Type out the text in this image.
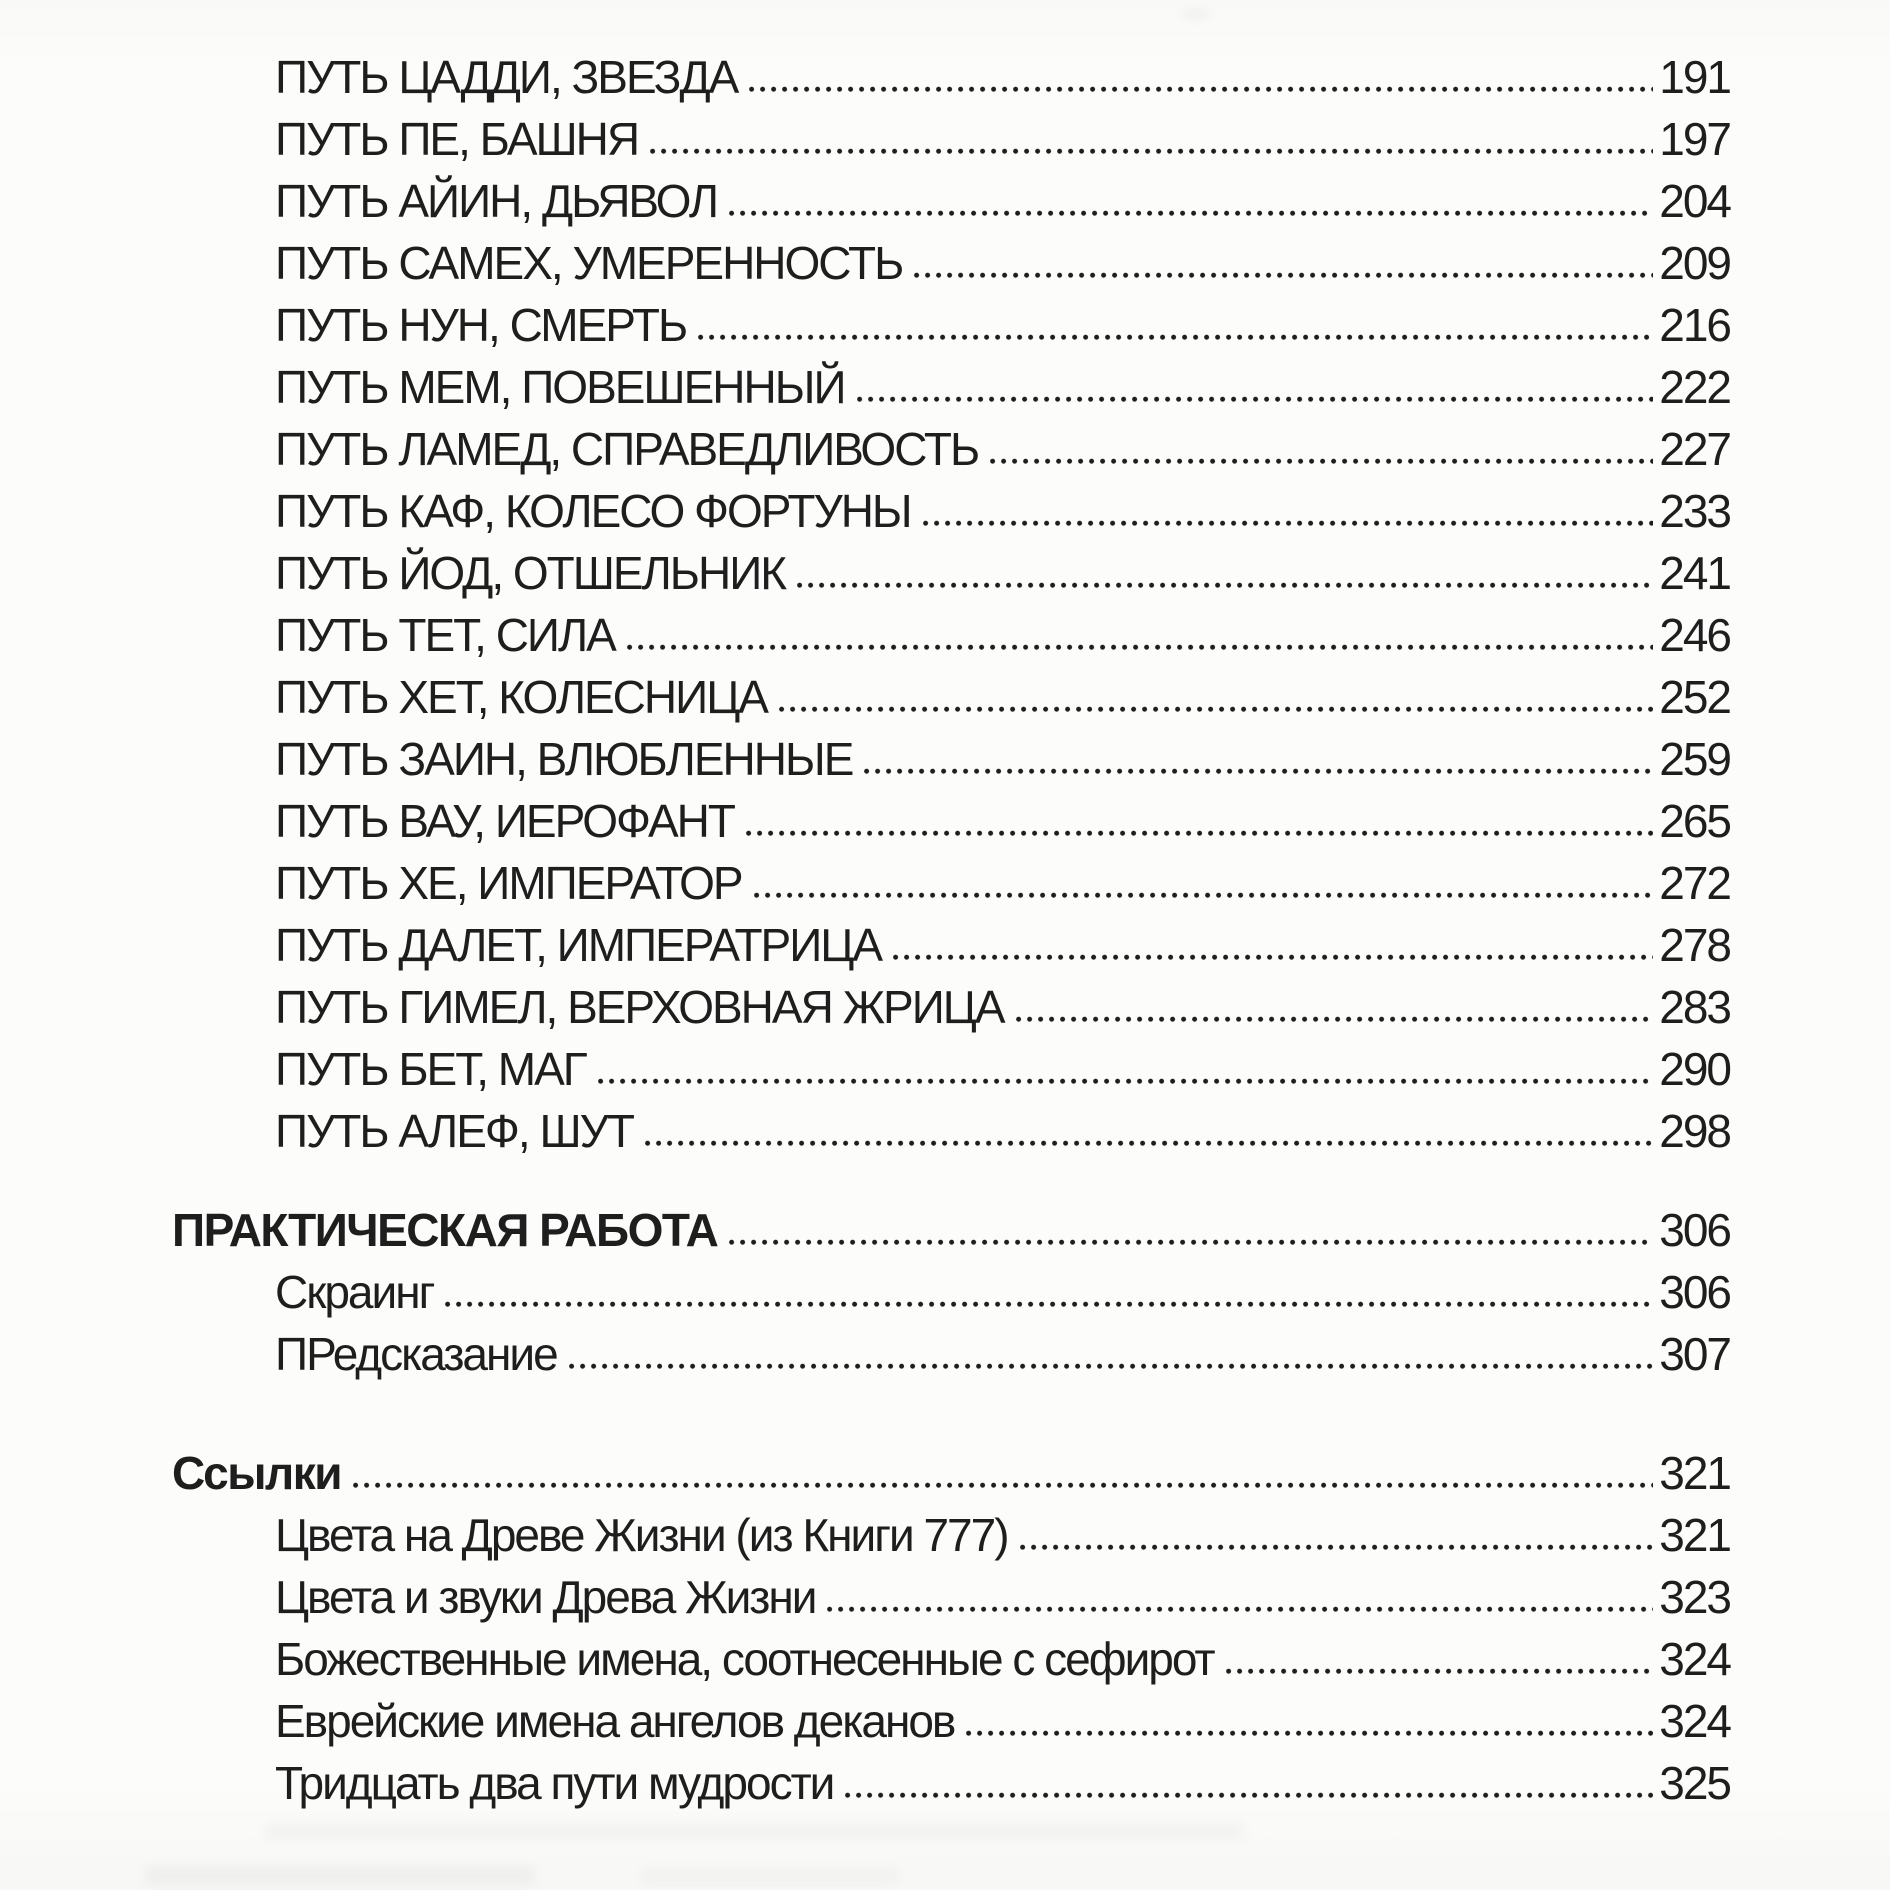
ПУТЬ ЦАДДИ, ЗВЕЗДА	191
ПУТЬ ПЕ, БАШНЯ	197
ПУТЬ АЙИН, ДЬЯВОЛ	204
ПУТЬ САМЕХ, УМЕРЕННОСТЬ	209
ПУТЬ НУН, СМЕРТЬ	216
ПУТЬ МЕМ, ПОВЕШЕННЫЙ	222
ПУТЬ ЛАМЕД, СПРАВЕДЛИВОСТЬ	227
ПУТЬ КАФ, КОЛЕСО ФОРТУНЫ	233
ПУТЬ ЙОД, ОТШЕЛЬНИК	241
ПУТЬ ТЕТ, СИЛА	246
ПУТЬ ХЕТ, КОЛЕСНИЦА	252
ПУТЬ ЗАИН, ВЛЮБЛЕННЫЕ	259
ПУТЬ ВАУ, ИЕРОФАНТ	265
ПУТЬ ХЕ, ИМПЕРАТОР	272
ПУТЬ ДАЛЕТ, ИМПЕРАТРИЦА	278
ПУТЬ ГИМЕЛ, ВЕРХОВНАЯ ЖРИЦА	283
ПУТЬ БЕТ, МАГ	290
ПУТЬ АЛЕФ, ШУТ	298
ПРАКТИЧЕСКАЯ РАБОТА	306
Скраинг	306
ПРедсказание	307
Ссылки	321
Цвета на Древе Жизни (из Книги 777)	321
Цвета и звуки Древа Жизни	323
Божественные имена, соотнесенные с сефирот	324
Еврейские имена ангелов деканов	324
Тридцать два пути мудрости	325
